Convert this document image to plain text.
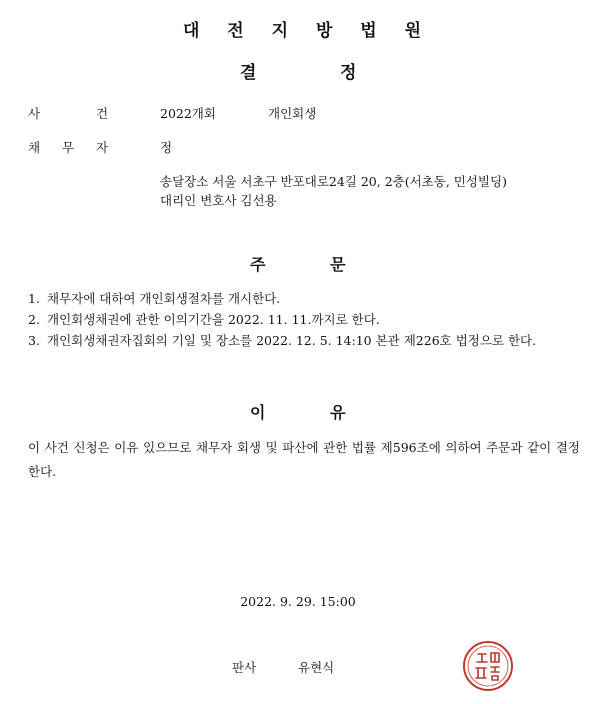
대 전 지 방 법 원
결	정
사	건	2022개회	개인회생
채 무 자	정
송달장소 서울 서초구 반포대로24길 20, 2층(서초동, 민성빌딩)
대리인 변호사 김선용
주	문
1. 채무자에 대하여 개인회생절차를 개시한다.
2. 개인회생채권에 관한 이의기간을 2022. 11. 11.까지로 한다.
3. 개인회생채권자집회의 기일 및 장소를 2022. 12. 5. 14:10 본관 제226호 법정으로 한다.
이	유
이 사건 신청은 이유 있으므로 채무자 회생 및 파산에 관한 법률 제596조에 의하여 주문과 같이 결정한다.
2022. 9. 29. 15:00
판사	유현식
